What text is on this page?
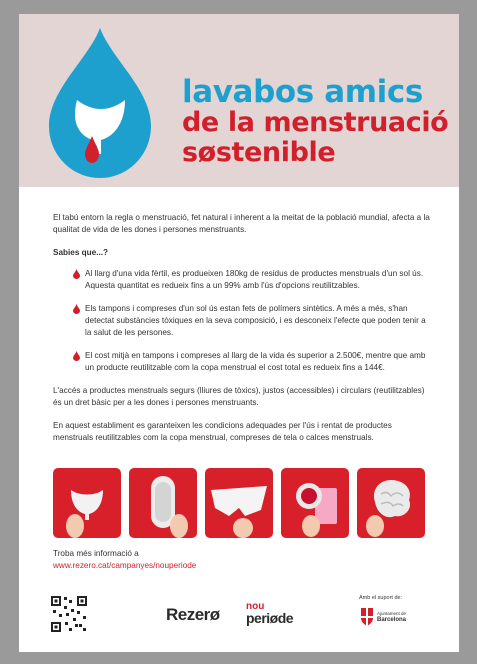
lavabos amics
de la menstruació
søstenible
El tabú entorn la regla o menstruació, fet natural i inherent a la meitat de la població mundial, afecta a la qualitat de vida de les dones i persones menstruants.
Sabies que...?
Al llarg d'una vida fèrtil, es produeixen 180kg de residus de productes menstruals d'un sol ús. Aquesta quantitat es redueix fins a un 99% amb l'ús d'opcions reutilitzables.
Els tampons i compreses d'un sol ús estan fets de polímers sintètics. A més a més, s'han detectat substàncies tòxiques en la seva composició, i es desconeix l'efecte que poden tenir a la salut de les persones.
El cost mitjà en tampons i compreses al llarg de la vida és superior a 2.500€, mentre que amb un producte reutilitzable com la copa menstrual el cost total es redueix fins a 144€.
L'accés a productes menstruals segurs (lliures de tòxics), justos (accessibles) i circulars (reutilitzables) és un dret bàsic per a les dones i persones menstruants.
En aquest establiment es garanteixen les condicions adequades per l'ús i rentat de productes menstruals reutilitzables com la copa menstrual, compreses de tela o calces menstruals.
Troba més informació a
www.rezero.cat/campanyes/nouperiode
Rezerø	nou
periøde
Amb el suport de:
Ajuntament de
Barcelona
